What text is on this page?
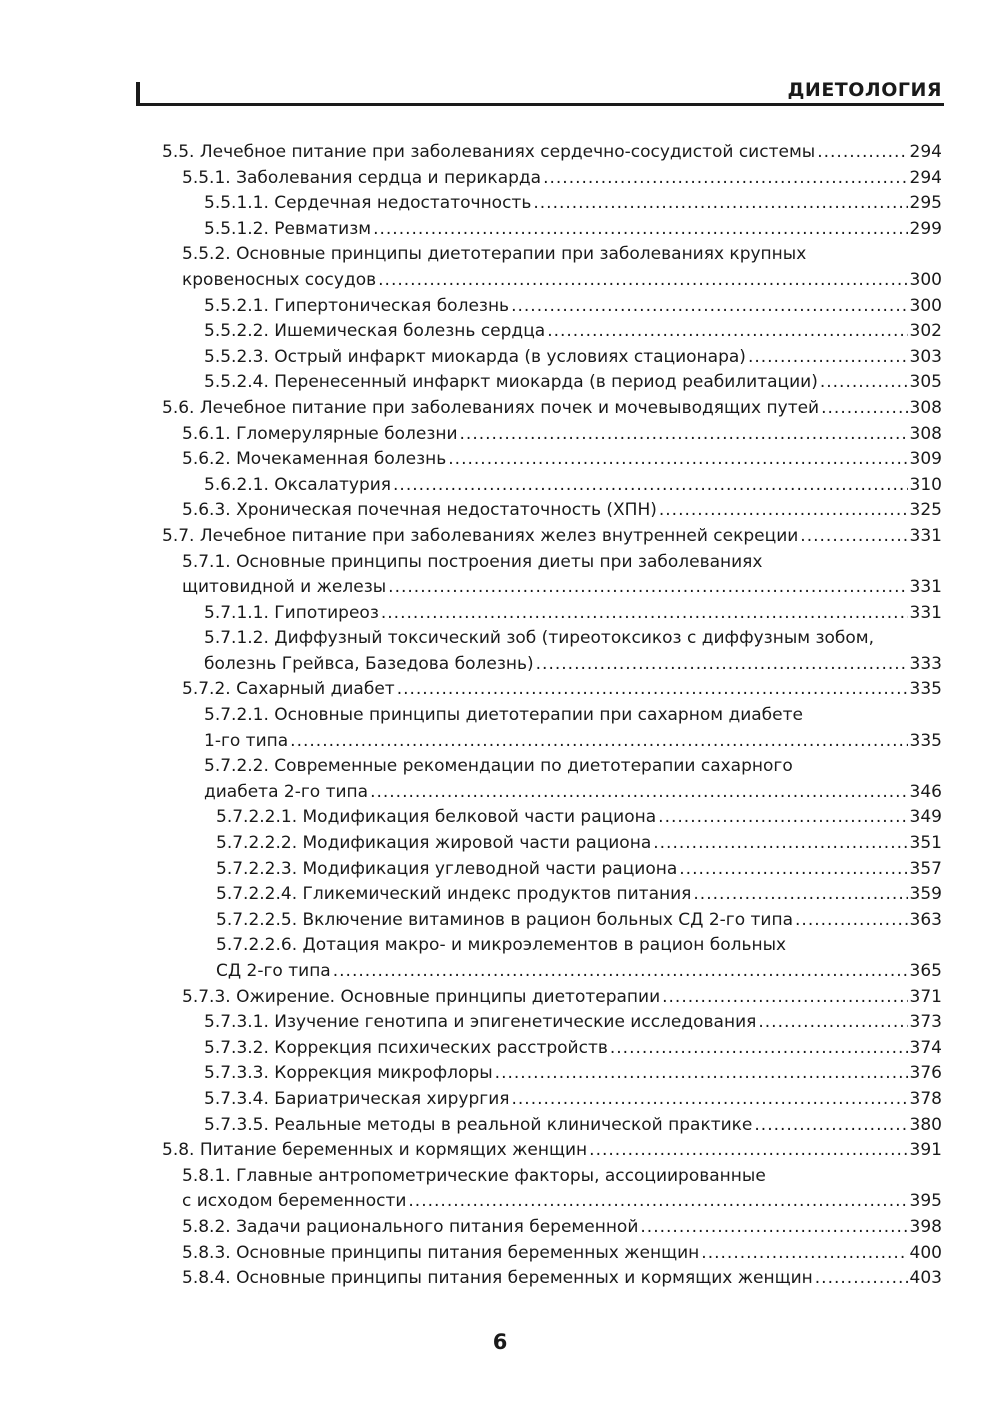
ДИЕТОЛОГИЯ
5.5. Лечебное питание при заболеваниях сердечно-сосудистой системы .....	294
5.5.1. Заболевания сердца и перикарда .....	294
5.5.1.1. Сердечная недостаточность .....	295
5.5.1.2. Ревматизм .....	299
5.5.2. Основные принципы диетотерапии при заболеваниях крупных
кровеносных сосудов .....	300
5.5.2.1. Гипертоническая болезнь .....	300
5.5.2.2. Ишемическая болезнь сердца .....	302
5.5.2.3. Острый инфаркт миокарда (в условиях стационара) .....	303
5.5.2.4. Перенесенный инфаркт миокарда (в период реабилитации) .....	305
5.6. Лечебное питание при заболеваниях почек и мочевыводящих путей .....	308
5.6.1. Гломерулярные болезни .....	308
5.6.2. Мочекаменная болезнь .....	309
5.6.2.1. Оксалатурия .....	310
5.6.3. Хроническая почечная недостаточность (ХПН) .....	325
5.7. Лечебное питание при заболеваниях желез внутренней секреции .....	331
5.7.1. Основные принципы построения диеты при заболеваниях
щитовидной и железы .....	331
5.7.1.1. Гипотиреоз .....	331
5.7.1.2. Диффузный токсический зоб (тиреотоксикоз с диффузным зобом,
болезнь Грейвса, Базедова болезнь) .....	333
5.7.2. Сахарный диабет .....	335
5.7.2.1. Основные принципы диетотерапии при сахарном диабете
1-го типа .....	335
5.7.2.2. Современные рекомендации по диетотерапии сахарного
диабета 2-го типа .....	346
5.7.2.2.1. Модификация белковой части рациона .....	349
5.7.2.2.2. Модификация жировой части рациона .....	351
5.7.2.2.3. Модификация углеводной части рациона .....	357
5.7.2.2.4. Гликемический индекс продуктов питания .....	359
5.7.2.2.5. Включение витаминов в рацион больных СД 2-го типа .....	363
5.7.2.2.6. Дотация макро- и микроэлементов в рацион больных
СД 2-го типа .....	365
5.7.3. Ожирение. Основные принципы диетотерапии .....	371
5.7.3.1. Изучение генотипа и эпигенетические исследования .....	373
5.7.3.2. Коррекция психических расстройств .....	374
5.7.3.3. Коррекция микрофлоры .....	376
5.7.3.4. Бариатрическая хирургия .....	378
5.7.3.5. Реальные методы в реальной клинической практике .....	380
5.8. Питание беременных и кормящих женщин .....	391
5.8.1. Главные антропометрические факторы, ассоциированные
с исходом беременности .....	395
5.8.2. Задачи рационального питания беременной .....	398
5.8.3. Основные принципы питания беременных женщин .....	400
5.8.4. Основные принципы питания беременных и кормящих женщин .....	403
6
